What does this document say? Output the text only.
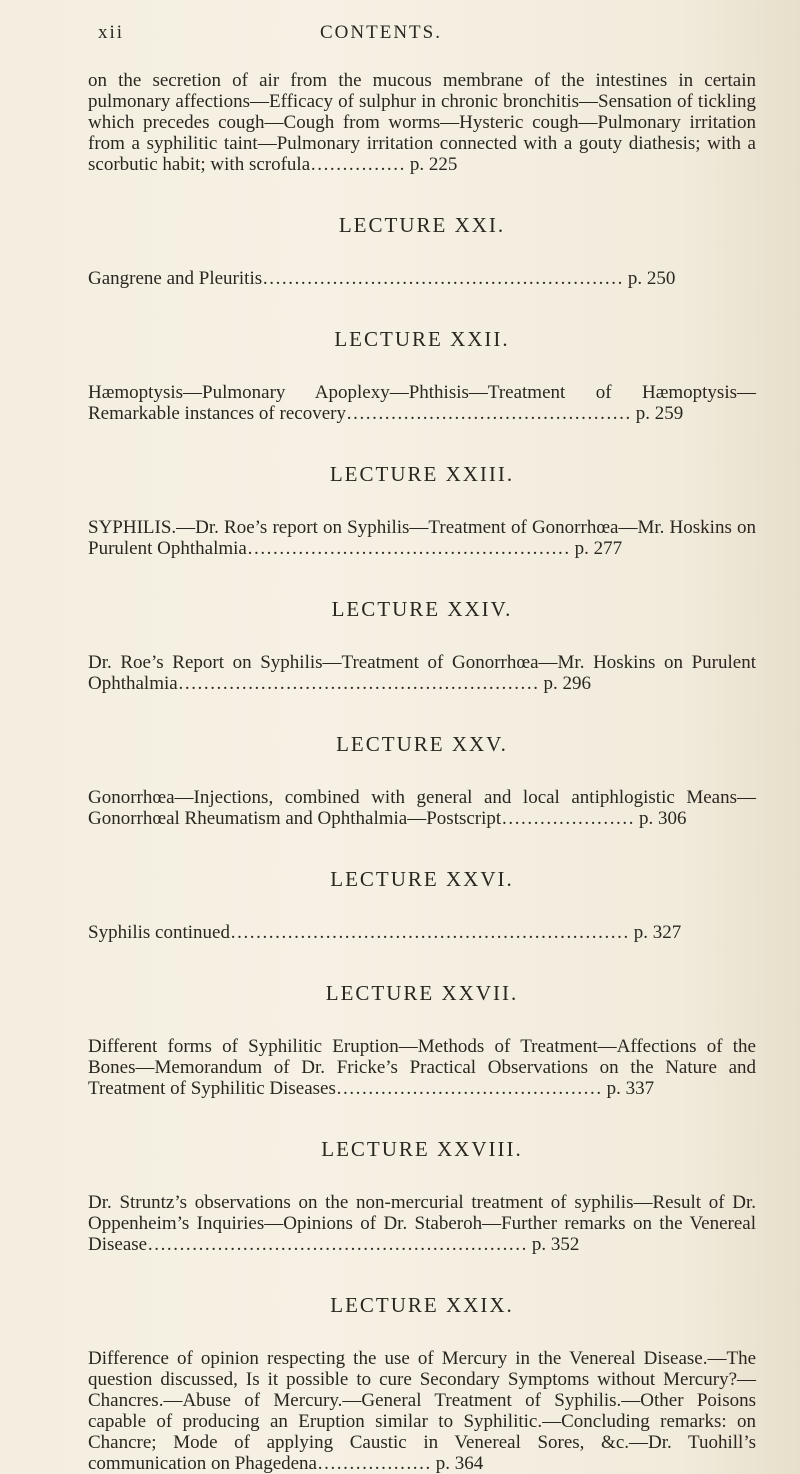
xii	CONTENTS.

on the secretion of air from the mucous membrane of the intestines in certain pulmonary affections—Efficacy of sulphur in chronic bronchitis—Sensation of tickling which precedes cough—Cough from worms—Hysteric cough—Pulmonary irritation from a syphilitic taint—Pulmonary irritation connected with a gouty diathesis; with a scorbutic habit; with scrofula…………… p. 225

LECTURE XXI.

Gangrene and Pleuritis………………………………………………… p. 250

LECTURE XXII.

Hæmoptysis—Pulmonary Apoplexy—Phthisis—Treatment of Hæmoptysis—Remarkable instances of recovery……………………………………… p. 259

LECTURE XXIII.

SYPHILIS.—Dr. Roe’s report on Syphilis—Treatment of Gonorrhœa—Mr. Hoskins on Purulent Ophthalmia…………………………………………… p. 277

LECTURE XXIV.

Dr. Roe’s Report on Syphilis—Treatment of Gonorrhœa—Mr. Hoskins on Purulent Ophthalmia………………………………………………… p. 296

LECTURE XXV.

Gonorrhœa—Injections, combined with general and local antiphlogistic Means—Gonorrhœal Rheumatism and Ophthalmia—Postscript………………… p. 306

LECTURE XXVI.

Syphilis continued……………………………………………………… p. 327

LECTURE XXVII.

Different forms of Syphilitic Eruption—Methods of Treatment—Affections of the Bones—Memorandum of Dr. Fricke’s Practical Observations on the Nature and Treatment of Syphilitic Diseases…………………………………… p. 337

LECTURE XXVIII.

Dr. Struntz’s observations on the non-mercurial treatment of syphilis—Result of Dr. Oppenheim’s Inquiries—Opinions of Dr. Staberoh—Further remarks on the Venereal Disease…………………………………………………… p. 352

LECTURE XXIX.

Difference of opinion respecting the use of Mercury in the Venereal Disease.—The question discussed, Is it possible to cure Secondary Symptoms without Mercury?—Chancres.—Abuse of Mercury.—General Treatment of Syphilis.—Other Poisons capable of producing an Eruption similar to Syphilitic.—Concluding remarks: on Chancre; Mode of applying Caustic in Venereal Sores, &c.—Dr. Tuohill’s communication on Phagedena……………… p. 364
